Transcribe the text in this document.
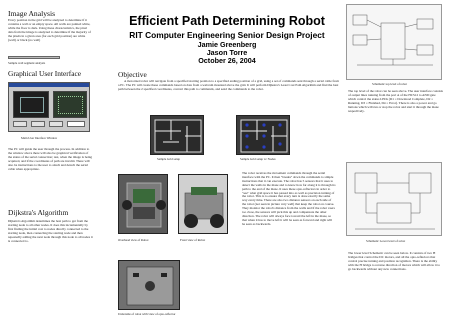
Efficient Path Determining Robot
RIT Computer Engineering Senior Design Project
Jamie Greenberg
Jason Torre
October 26, 2004
Image Analysis
Every position in the grid will be analyzed to determine if it contains a wall or an empty space. All walls are painted white, while the floor is dark. Using these characteristics, the pixel data from the image is analyzed to determine if the majority of the pixels in a given area (for each grid position) are white (wall) or black (no wall)
Sample wall segment analysis
Graphical User Interface
Main User Interface Window
The PC will guide the user through the process. In addition to the window above there will also be graphical verification of the status of the serial connection; test, when the image is being acquired, and if the coordinates of path are invalid. There will also be instructions to the user to attach and detach the serial cable when appropriate.
Dijkstra's Algorithm
Dijkstra's Algorithm determines the best path to get from the starting node to all other nodes. It does this incrementally by first finding the initial cost to nodes directly connected to the starting node, then connecting the starting node and then repeatedly adding the next node through this node to all nodes it is connected to.
Objective
A motorized robot will navigate from a specified starting position to a specified ending position of a grid, using a set of commands sent through a serial cable from a PC. The PC will create these commands based on data from a webcam mounted above the grid. It will perform Dijkstra's Least Cost Path Algorithm and find the best path between the 2 specified coordinates, convert this path to commands, and send the commands to the robot.
Sample Grid setup	Sample Grid setup w/ Nodes
Overhead view of Robot	Front view of Robot
Underside of robot with view of opto-reflector
The robot receives the movement commands through the serial interface with the PC. It then "breaks" down the commands to simple instructions that it can execute. The robot has 5 sensors that it uses to detect the walls in the maze and to know how far along it is through its path to the end of the maze. It uses these opto-reflectors in order to "see" what grid space it has passed into as well as precision turning of the robot. This is to ensure that every turn is done exactly the same way every time. There are also two distance sensors on each side of the robot (not seen in picture very well) that keep the robot on course. They monitor the robot's distance from the walls and if the robot veers too close, the sensors will pick this up and compensate the other direction. The robot will always face toward the left in the maze, so that when it has to move left it will be seen as forward and right will be seen as backwards.
Schematic top level of robot
The top level of the robot can be seen above. The user interface consists of output lines running from the port A of the HCS12 to AND gate which control the status LEDs (D1 = Download Complete, D2 = Running, D3 = Finished, D4 = Error). There is also a power and go buttons which will run or stop the robot and start it through the maze respectively.
Schematic Lower level of robot
The lower level Schematic can be seen below. It consists of two H bridges that control the DC motors, and all the opto-reflectors that control precise turning and position recognition. There is the ability with the H bridge to reverse direction of motors which will allow it to go backwards without any new connections.
